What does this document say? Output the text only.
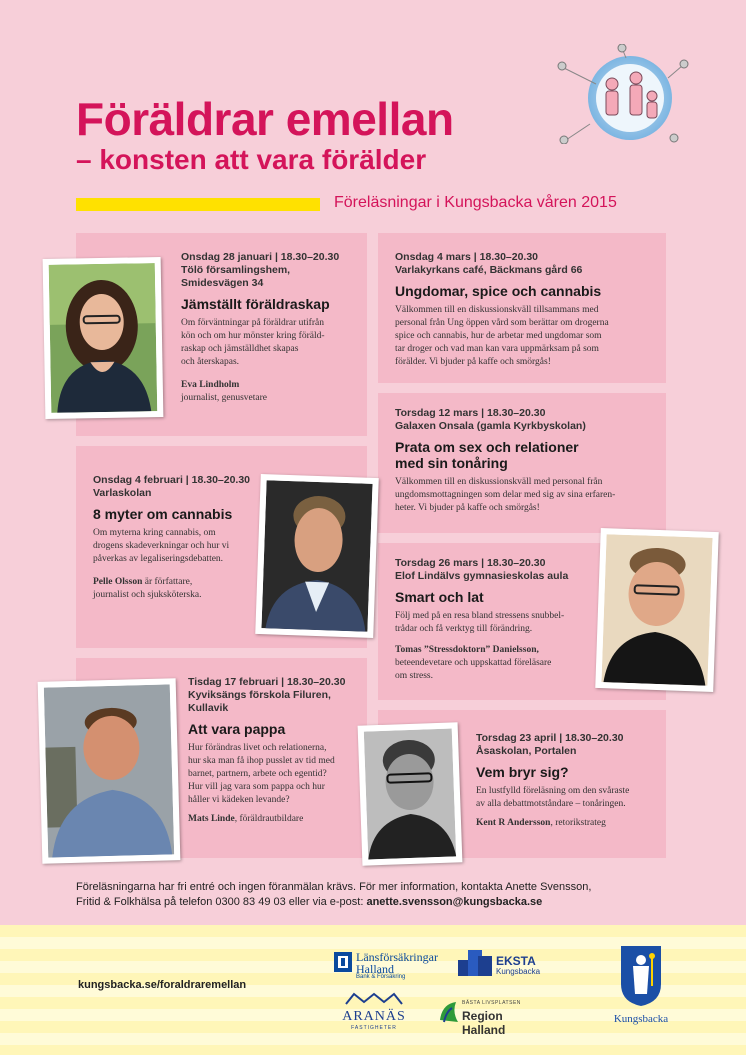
Föräldrar emellan
– konsten att vara förälder
Föreläsningar i Kungsbacka våren 2015
Onsdag 28 januari | 18.30–20.30
Tölö församlingshem,
Smidesvägen 34
Jämställt föräldraskap
Om förväntningar på föräldrar utifrån
kön och om hur mönster kring föräld-
raskap och jämställdhet skapas
och återskapas.
Eva Lindholm
journalist, genusvetare
Onsdag 4 mars | 18.30–20.30
Varlakyrkans café, Bäckmans gård 66
Ungdomar, spice och cannabis
Välkommen till en diskussionskväll tillsammans med
personal från Ung öppen vård som berättar om drogerna
spice och cannabis, hur de arbetar med ungdomar som
tar droger och vad man kan vara uppmärksam på som
förälder. Vi bjuder på kaffe och smörgås!
Torsdag 12 mars | 18.30–20.30
Galaxen Onsala (gamla Kyrkbyskolan)
Prata om sex och relationer
med sin tonåring
Välkommen till en diskussionskväll med personal från
ungdomsmottagningen som delar med sig av sina erfaren-
heter. Vi bjuder på kaffe och smörgås!
Onsdag 4 februari | 18.30–20.30
Varlaskolan
8 myter om cannabis
Om myterna kring cannabis, om
drogens skadeverkningar och hur vi
påverkas av legaliseringsdebatten.
Pelle Olsson är författare,
journalist och sjuksköterska.
Torsdag 26 mars | 18.30–20.30
Elof Lindälvs gymnasieskolas aula
Smart och lat
Följ med på en resa bland stressens snubbel-
trådar och få verktyg till förändring.
Tomas ”Stressdoktorn” Danielsson,
beteendevetare och uppskattad föreläsare
om stress.
Tisdag 17 februari | 18.30–20.30
Kyviksängs förskola Filuren,
Kullavik
Att vara pappa
Hur förändras livet och relationerna,
hur ska man få ihop pusslet av tid med
barnet, partnern, arbete och egentid?
Hur vill jag vara som pappa och hur
håller vi kädeken levande?
Mats Linde, föräldrautbildare
Torsdag 23 april | 18.30–20.30
Åsaskolan, Portalen
Vem bryr sig?
En lustfylld föreläsning om den svåraste
av alla debattmotståndare – tonåringen.
Kent R Andersson, retorikstrateg
Föreläsningarna har fri entré och ingen föranmälan krävs. För mer information, kontakta Anette Svensson,
Fritid & Folkhälsa på telefon 0300 83 49 03 eller via e-post: anette.svensson@kungsbacka.se
kungsbacka.se/foraldraremellan
Länsförsäkringar
Halland
Bank & Försäkring
EKSTA
Kungsbacka
ARANÄS
FASTIGHETER
BÄSTA LIVSPLATSEN
Region Halland
Kungsbacka
